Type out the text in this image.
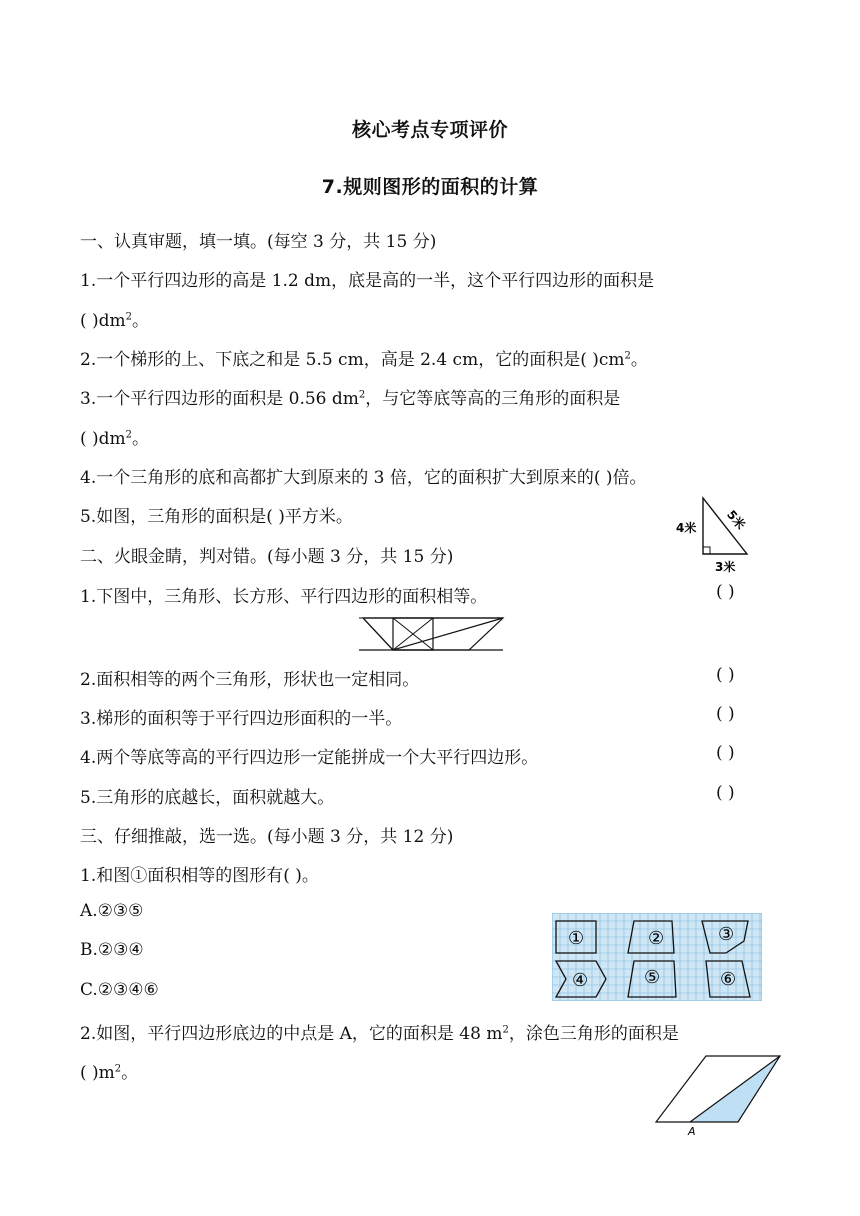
核心考点专项评价
7.规则图形的面积的计算
一、认真审题，填一填。(每空 3 分，共 15 分)
1.一个平行四边形的高是 1.2 dm，底是高的一半，这个平行四边形的面积是
( )$dm^2$。
2.一个梯形的上、下底之和是 5.5 cm，高是 2.4 cm，它的面积是( )$cm^2$。
3.一个平行四边形的面积是 0.56 $dm^2$，与它等底等高的三角形的面积是
( )$dm^2$。
4.一个三角形的底和高都扩大到原来的 3 倍，它的面积扩大到原来的( )倍。
5.如图，三角形的面积是( )平方米。
4米 5米
3米
二、火眼金睛，判对错。(每小题 3 分，共 15 分)
1.下图中，三角形、长方形、平行四边形的面积相等。	( )
2.面积相等的两个三角形，形状也一定相同。	( )
3.梯形的面积等于平行四边形面积的一半。	( )
4.两个等底等高的平行四边形一定能拼成一个大平行四边形。	( )
5.三角形的底越长，面积就越大。	( )
三、仔细推敲，选一选。(每小题 3 分，共 12 分)
1.和图①面积相等的图形有( )。
A.②③⑤
B.②③④
C.②③④⑥
①	②	③
④	⑤	⑥
2.如图，平行四边形底边的中点是 A，它的面积是 48 $m^2$，涂色三角形的面积是
( )$m^2$。
A
